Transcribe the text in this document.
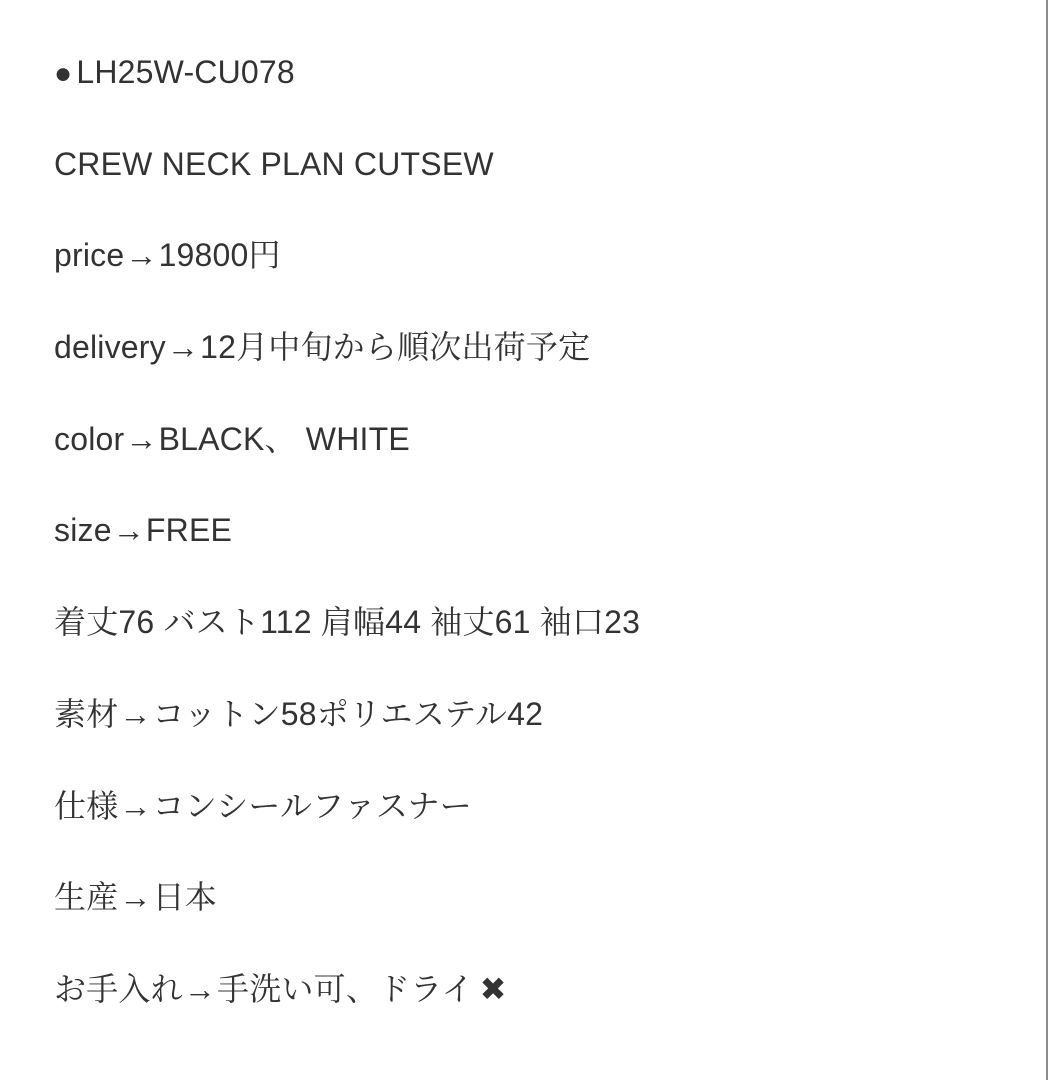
● LH25W-CU078

CREW NECK PLAN CUTSEW

price→19800円

delivery→12月中旬から順次出荷予定

color→BLACK、 WHITE

size→FREE

着丈76 バスト112 肩幅44 袖丈61 袖口23

素材→コットン58ポリエステル42

仕様→コンシールファスナー

生産→日本

お手入れ→手洗い可、ドライ ✖
